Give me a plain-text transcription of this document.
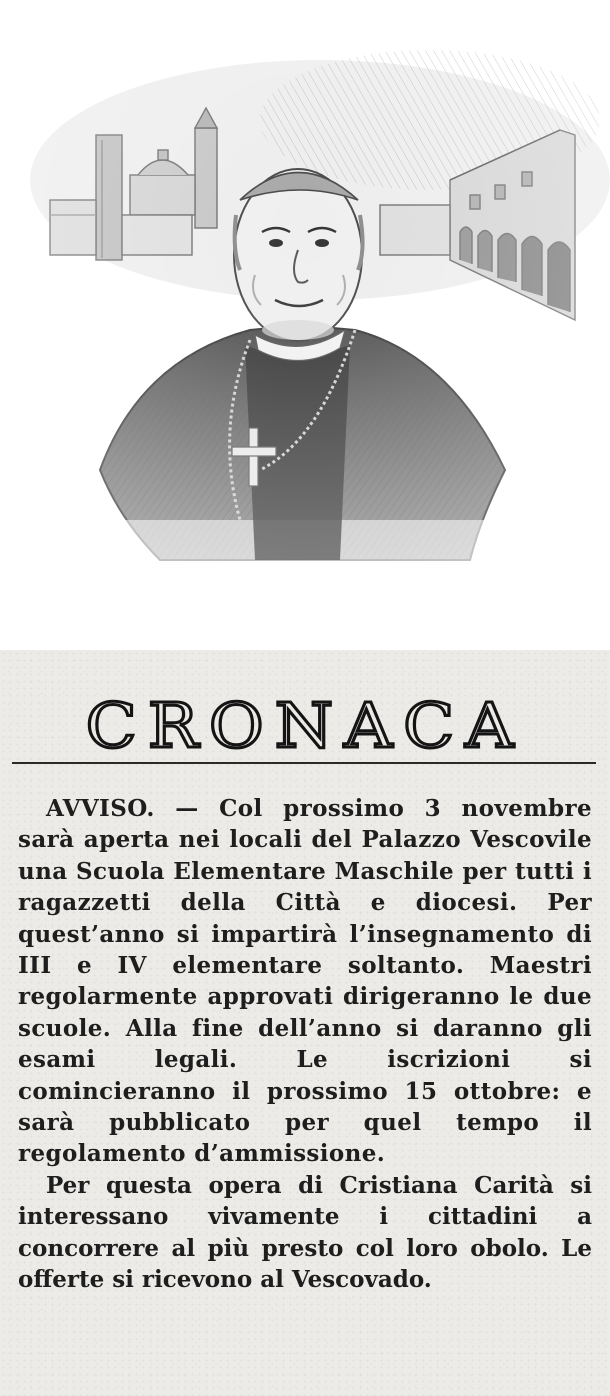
CRONACA

AVVISO. — Col prossimo 3 novembre sarà aperta nei locali del Palazzo Vescovile una Scuola Elementare Maschile per tutti i ragazzetti della Città e diocesi. Per quest’anno si impartirà l’insegnamento di III e IV elementare soltanto. Maestri regolarmente approvati dirigeranno le due scuole. Alla fine dell’anno si daranno gli esami legali. Le iscrizioni si comincieranno il prossimo 15 ottobre: e sarà pubblicato per quel tempo il regolamento d’ammissione.

Per questa opera di Cristiana Carità si interessano vivamente i cittadini a concorrere al più presto col loro obolo. Le offerte si ricevono al Vescovado.
